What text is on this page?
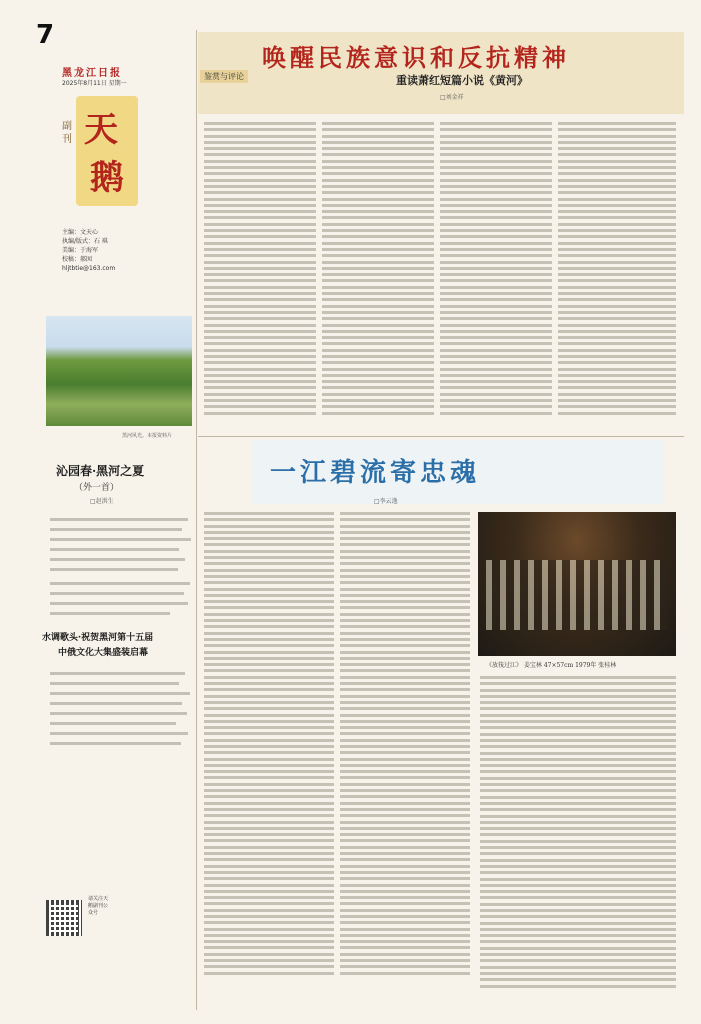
7
黑龙江日报
2025年8月11日 星期一
副刊 天
鹅
主编：文天心
执编/版式：石 琪
美编：于海军
校稿：郝囡
hljtbtie@163.com
黑河风光。本报资料片
沁园春·黑河之夏
（外一首）
□赵洪生
水调歌头·祝贺黑河第十五届
中俄文化大集盛装启幕
请关注天鹅副刊公众号
鉴赏与评论
唤醒民族意识和反抗精神
重读萧红短篇小说《黄河》
□刘金祥
一江碧流寄忠魂
□李云逸
《放筏过江》 姜宝林 47×57cm 1979年 张桂林
